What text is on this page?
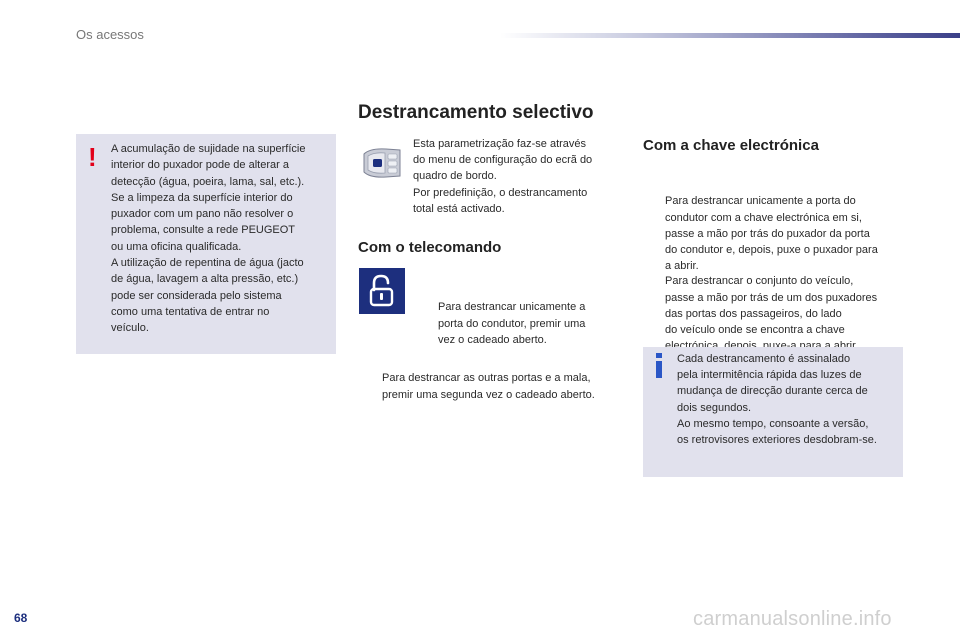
Os acessos
! A acumulação de sujidade na superfície
interior do puxador pode de alterar a
detecção (água, poeira, lama, sal, etc.).
Se a limpeza da superfície interior do
puxador com um pano não resolver o
problema, consulte a rede PEUGEOT
ou uma oficina qualificada.
A utilização de repentina de água (jacto
de água, lavagem a alta pressão, etc.)
pode ser considerada pelo sistema
como uma tentativa de entrar no
veículo.
Destrancamento selectivo
Esta parametrização faz-se através
do menu de configuração do ecrã do
quadro de bordo.
Por predefinição, o destrancamento
total está activado.
Com o telecomando

Para destrancar unicamente a
porta do condutor, premir uma
vez o cadeado aberto.

Para destrancar as outras portas e a mala,
premir uma segunda vez o cadeado aberto.

Com a chave electrónica

Para destrancar unicamente a porta do
condutor com a chave electrónica em si,
passe a mão por trás do puxador da porta
do condutor e, depois, puxe o puxador para
a abrir.

Para destrancar o conjunto do veículo,
passe a mão por trás de um dos puxadores
das portas dos passageiros, do lado
do veículo onde se encontra a chave

Cada destrancamento é assinalado
pela intermitência rápida das luzes de
mudança de direcção durante cerca de
dois segundos.
Ao mesmo tempo, consoante a versão,
os retrovisores exteriores desdobram-se.
68	carmanualsonline.info
